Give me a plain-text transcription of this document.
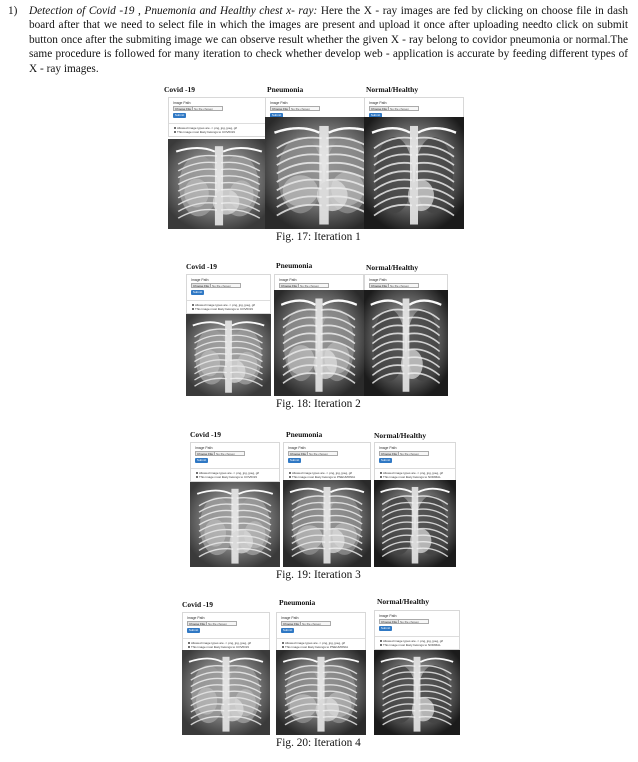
1)	Detection of Covid -19 , Pnuemonia and Healthy chest x- ray: Here the X - ray images are fed by clicking on choose file in dash board after that we need to select file in which the images are present and upload it once after uploading needto click on submit button once after the submiting image we can observe result whether the given X - ray belong to covidor pneumonia or normal.The same procedure is followed for many iteration to check whether develop web - application is accurate by feeding different types of X - ray images.
Covid -19
Image Path:
Choose File No file chosen
Submit
Allowed image types are -> png, jpg, jpeg, gif
This image most likely belongs to COVID19
Pneumonia
Image Path:
Choose File No file chosen
Submit
Normal/Healthy
Image Path:
Choose File No file chosen
Submit
Fig. 17: Iteration 1
Covid -19
Image Path:
Choose File No file chosen
Submit
Allowed image types are -> png, jpg, jpeg, gif
This image most likely belongs to COVID19
Pneumonia
Image Path:
Choose File No file chosen
Normal/Healthy
Image Path:
Choose File No file chosen
Fig. 18: Iteration 2
Covid -19
Image Path:
Choose File No file chosen
Submit
Allowed image types are -> png, jpg, jpeg, gif
This image most likely belongs to COVID19
Pneumonia
Image Path:
Choose File No file chosen
Submit
Allowed image types are -> png, jpg, jpeg, gif
This image most likely belongs to PNEUMONIA
Normal/Healthy
Image Path:
Choose File No file chosen
Submit
Allowed image types are -> png, jpg, jpeg, gif
This image most likely belongs to NORMAL
Fig. 19: Iteration 3
Covid -19
Image Path:
Choose File No file chosen
Submit
Allowed image types are -> png, jpg, jpeg, gif
This image most likely belongs to COVID19
Pneumonia
Image Path:
Choose File No file chosen
Submit
Allowed image types are -> png, jpg, jpeg, gif
This image most likely belongs to PNEUMONIA
Normal/Healthy
Image Path:
Choose File No file chosen
Submit
Allowed image types are -> png, jpg, jpeg, gif
This image most likely belongs to NORMAL
Fig. 20: Iteration 4
